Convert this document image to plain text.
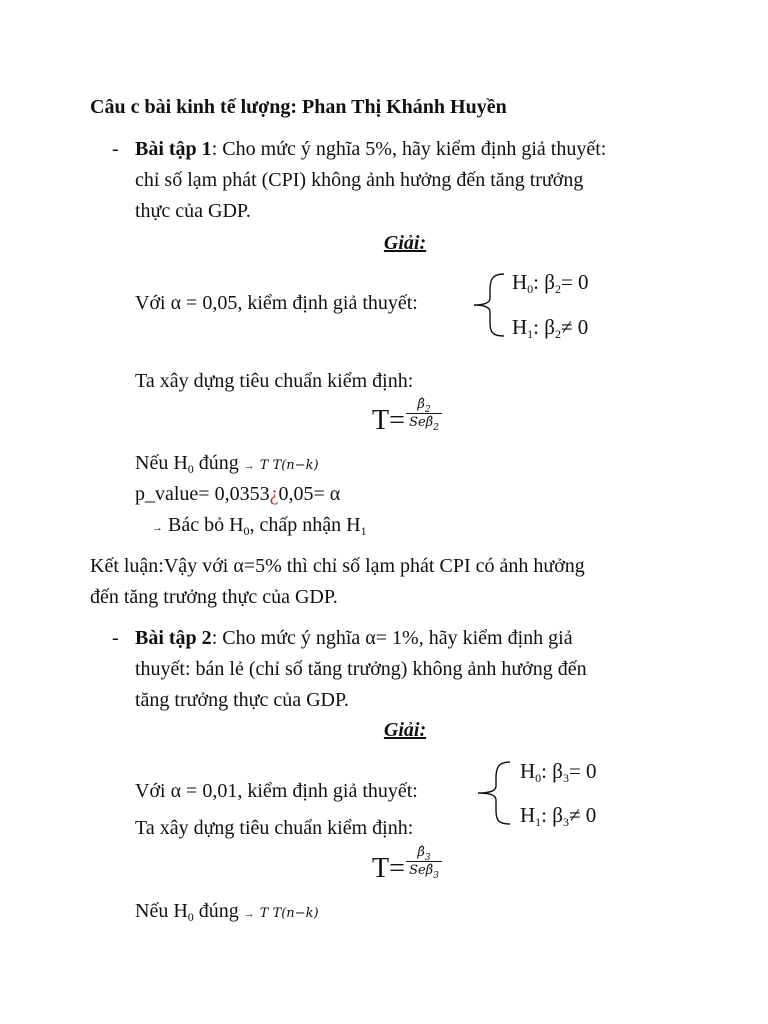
Câu c bài kinh tế lượng: Phan Thị Khánh Huyền
- Bài tập 1: Cho mức ý nghĩa 5%, hãy kiểm định giả thuyết:
chỉ số lạm phát (CPI) không ảnh hưởng đến tăng trưởng
thực của GDP.
Giải:
Với α = 0,05, kiểm định giả thuyết:
$H_0$: $\beta_2= 0$
$H_1$: $\beta_2\ne 0$
Ta xây dựng tiêu chuẩn kiểm định:
T=
$\betâ_2$
$Se\betâ_2$
Nếu $H_0$ đúng → T T(n−k)
p_value= 0,0353¿0,05= α
→ Bác bỏ $H_0$, chấp nhận $H_1$
Kết luận:Vậy với α=5% thì chỉ số lạm phát CPI có ảnh hưởng
đến tăng trưởng thực của GDP.
- Bài tập 2: Cho mức ý nghĩa α= 1%, hãy kiểm định giả
thuyết: bán lẻ (chỉ số tăng trưởng) không ảnh hưởng đến
tăng trưởng thực của GDP.
Giải:
Với α = 0,01, kiểm định giả thuyết:
$H_0$: $\beta_3= 0$
$H_1$: $\beta_3\ne 0$
Ta xây dựng tiêu chuẩn kiểm định:
T=
$\betâ_3$
$Se\betâ_3$
Nếu $H_0$ đúng → T T(n−k)
